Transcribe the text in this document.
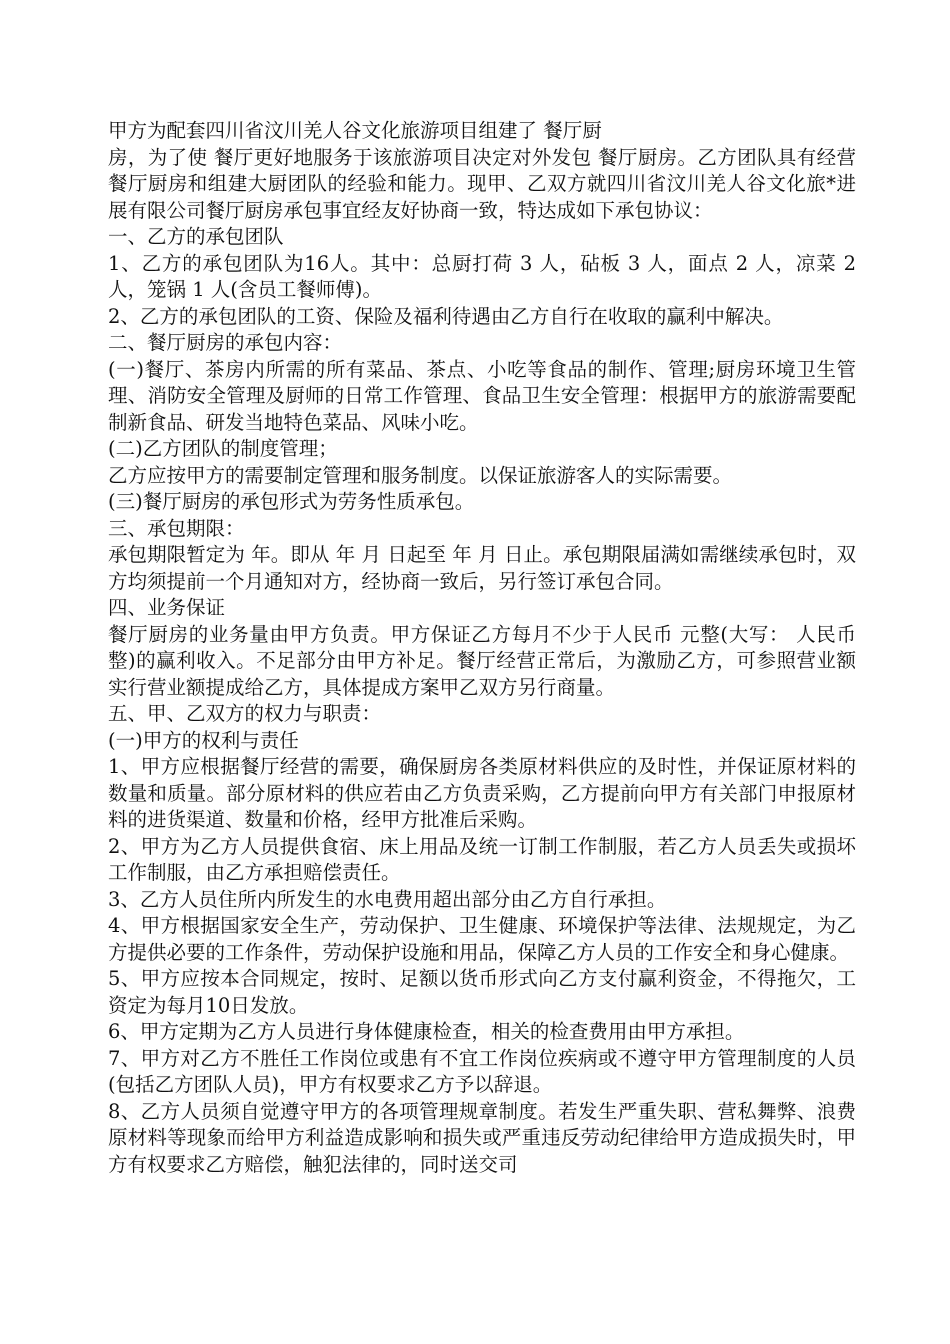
甲方为配套四川省汶川羌人谷文化旅游项目组建了 餐厅厨

房，为了使 餐厅更好地服务于该旅游项目决定对外发包 餐厅厨房。乙方团队具有经营餐厅厨房和组建大厨团队的经验和能力。现甲、乙双方就四川省汶川羌人谷文化旅*进展有限公司餐厅厨房承包事宜经友好协商一致，特达成如下承包协议：

一、乙方的承包团队

1、乙方的承包团队为16人。其中：总厨打荷 3 人，砧板 3 人，面点 2 人，凉菜 2 人，笼锅 1 人(含员工餐师傅)。

2、乙方的承包团队的工资、保险及福利待遇由乙方自行在收取的赢利中解决。

二、餐厅厨房的承包内容：

(一)餐厅、茶房内所需的所有菜品、茶点、小吃等食品的制作、管理;厨房环境卫生管理、消防安全管理及厨师的日常工作管理、食品卫生安全管理：根据甲方的旅游需要配制新食品、研发当地特色菜品、风味小吃。

(二)乙方团队的制度管理；

乙方应按甲方的需要制定管理和服务制度。以保证旅游客人的实际需要。

(三)餐厅厨房的承包形式为劳务性质承包。

三、承包期限：

承包期限暂定为 年。即从 年 月 日起至 年 月 日止。承包期限届满如需继续承包时，双方均须提前一个月通知对方，经协商一致后，另行签订承包合同。

四、业务保证

餐厅厨房的业务量由甲方负责。甲方保证乙方每月不少于人民币 元整(大写： 人民币整)的赢利收入。不足部分由甲方补足。餐厅经营正常后，为激励乙方，可参照营业额实行营业额提成给乙方，具体提成方案甲乙双方另行商量。

五、甲、乙双方的权力与职责：

(一)甲方的权利与责任

1、甲方应根据餐厅经营的需要，确保厨房各类原材料供应的及时性，并保证原材料的数量和质量。部分原材料的供应若由乙方负责采购，乙方提前向甲方有关部门申报原材料的进货渠道、数量和价格，经甲方批准后采购。

2、甲方为乙方人员提供食宿、床上用品及统一订制工作制服，若乙方人员丢失或损坏工作制服，由乙方承担赔偿责任。

3、乙方人员住所内所发生的水电费用超出部分由乙方自行承担。

4、甲方根据国家安全生产，劳动保护、卫生健康、环境保护等法律、法规规定，为乙方提供必要的工作条件，劳动保护设施和用品，保障乙方人员的工作安全和身心健康。

5、甲方应按本合同规定，按时、足额以货币形式向乙方支付赢利资金，不得拖欠，工资定为每月10日发放。

6、甲方定期为乙方人员进行身体健康检查，相关的检查费用由甲方承担。

7、甲方对乙方不胜任工作岗位或患有不宜工作岗位疾病或不遵守甲方管理制度的人员(包括乙方团队人员)，甲方有权要求乙方予以辞退。

8、乙方人员须自觉遵守甲方的各项管理规章制度。若发生严重失职、营私舞弊、浪费原材料等现象而给甲方利益造成影响和损失或严重违反劳动纪律给甲方造成损失时，甲方有权要求乙方赔偿，触犯法律的，同时送交司
